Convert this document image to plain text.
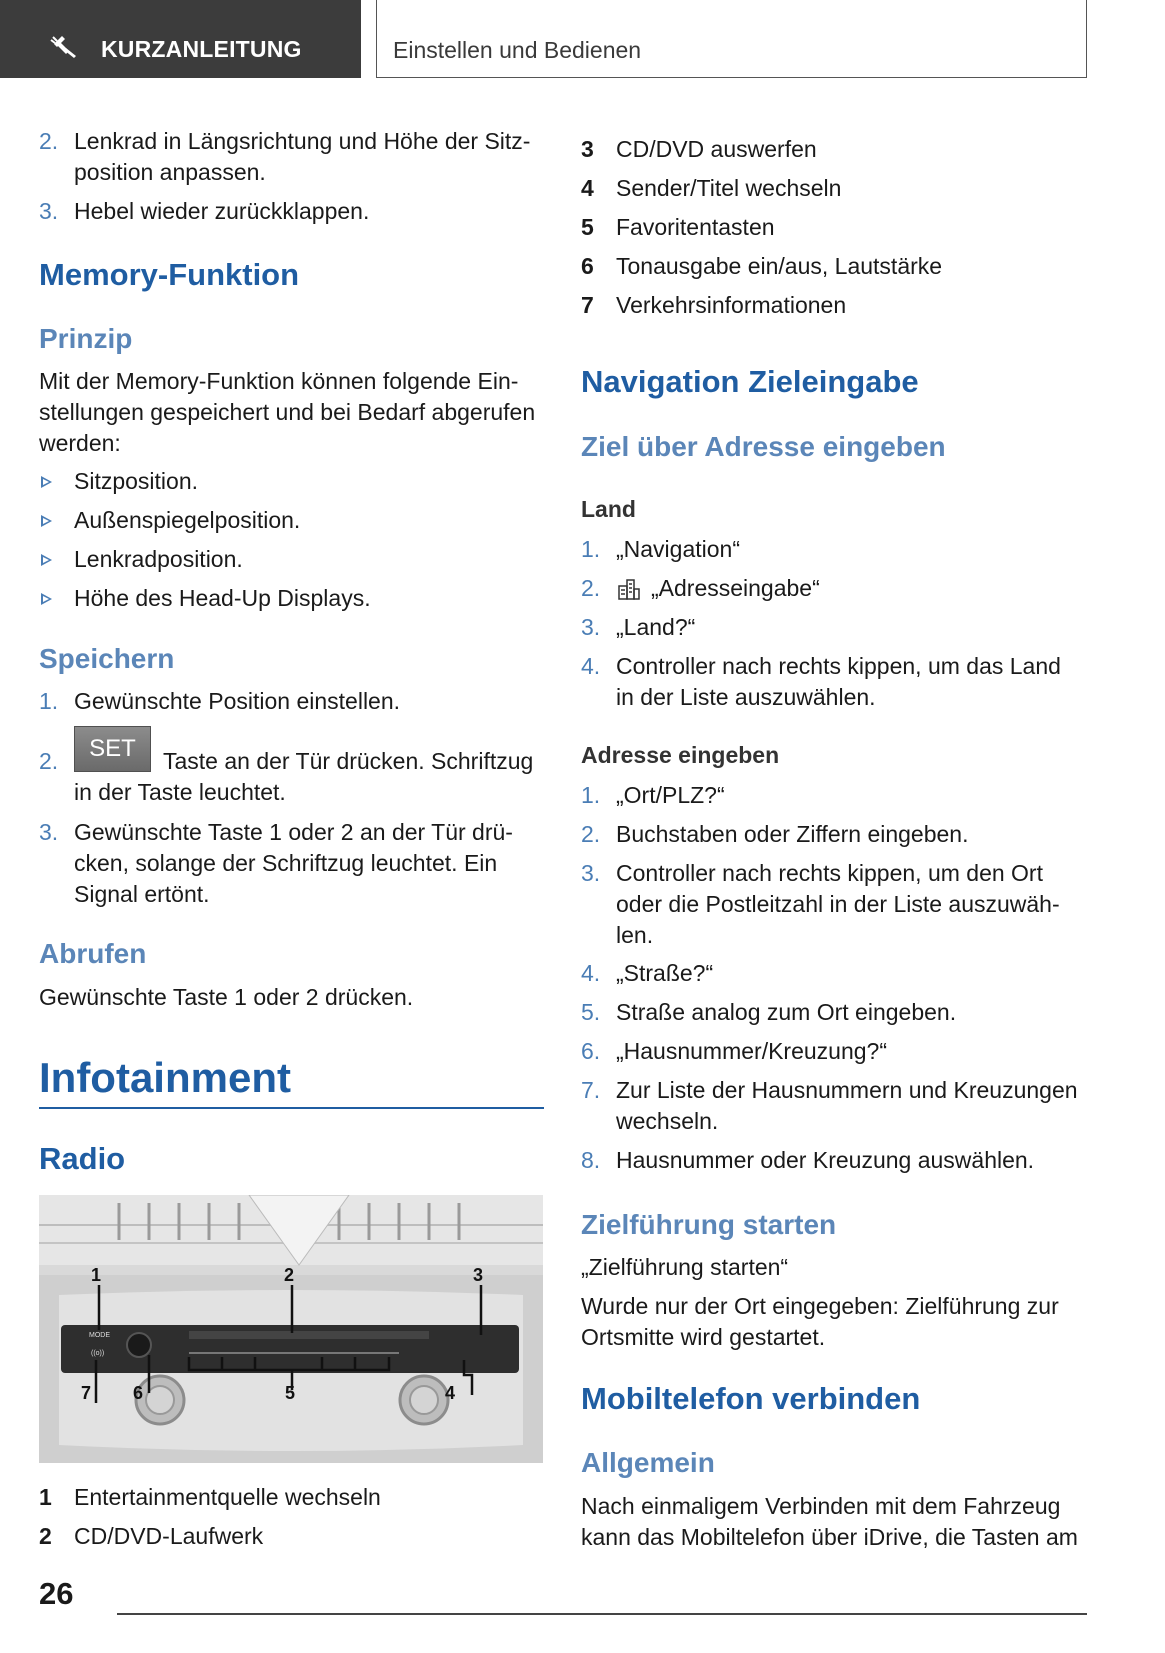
KURZANLEITUNG	Einstellen und Bedienen
2. Lenkrad in Längsrichtung und Höhe der Sitz-
position anpassen.
3. Hebel wieder zurückklappen.
Memory-Funktion
Prinzip
Mit der Memory-Funktion können folgende Ein-
stellungen gespeichert und bei Bedarf abgerufen
werden:
Sitzposition.
Außenspiegelposition.
Lenkradposition.
Höhe des Head-Up Displays.
Speichern
1. Gewünschte Position einstellen.
2.	SET	Taste an der Tür drücken. Schriftzug
in der Taste leuchtet.
3. Gewünschte Taste 1 oder 2 an der Tür drü-
cken, solange der Schriftzug leuchtet. Ein
Signal ertönt.
Abrufen
Gewünschte Taste 1 oder 2 drücken.
Infotainment
Radio
1 Entertainmentquelle wechseln
2 CD/DVD-Laufwerk
1	2	3
7 6	5	4
MODE
((o))
3 CD/DVD auswerfen
4 Sender/Titel wechseln
5 Favoritentasten
6 Tonausgabe ein/aus, Lautstärke
7 Verkehrsinformationen
Navigation Zieleingabe
Ziel über Adresse eingeben
Land
1. „Navigation“
2. „Adresseingabe“
3. „Land?“
4. Controller nach rechts kippen, um das Land
in der Liste auszuwählen.
Adresse eingeben
1. „Ort/PLZ?“
2. Buchstaben oder Ziffern eingeben.
3. Controller nach rechts kippen, um den Ort
oder die Postleitzahl in der Liste auszuwäh-
len.
4. „Straße?“
5. Straße analog zum Ort eingeben.
6. „Hausnummer/Kreuzung?“
7. Zur Liste der Hausnummern und Kreuzungen
wechseln.
8. Hausnummer oder Kreuzung auswählen.
Zielführung starten
„Zielführung starten“
Wurde nur der Ort eingegeben: Zielführung zur
Ortsmitte wird gestartet.
Mobiltelefon verbinden
Allgemein
Nach einmaligem Verbinden mit dem Fahrzeug
kann das Mobiltelefon über iDrive, die Tasten am
26
